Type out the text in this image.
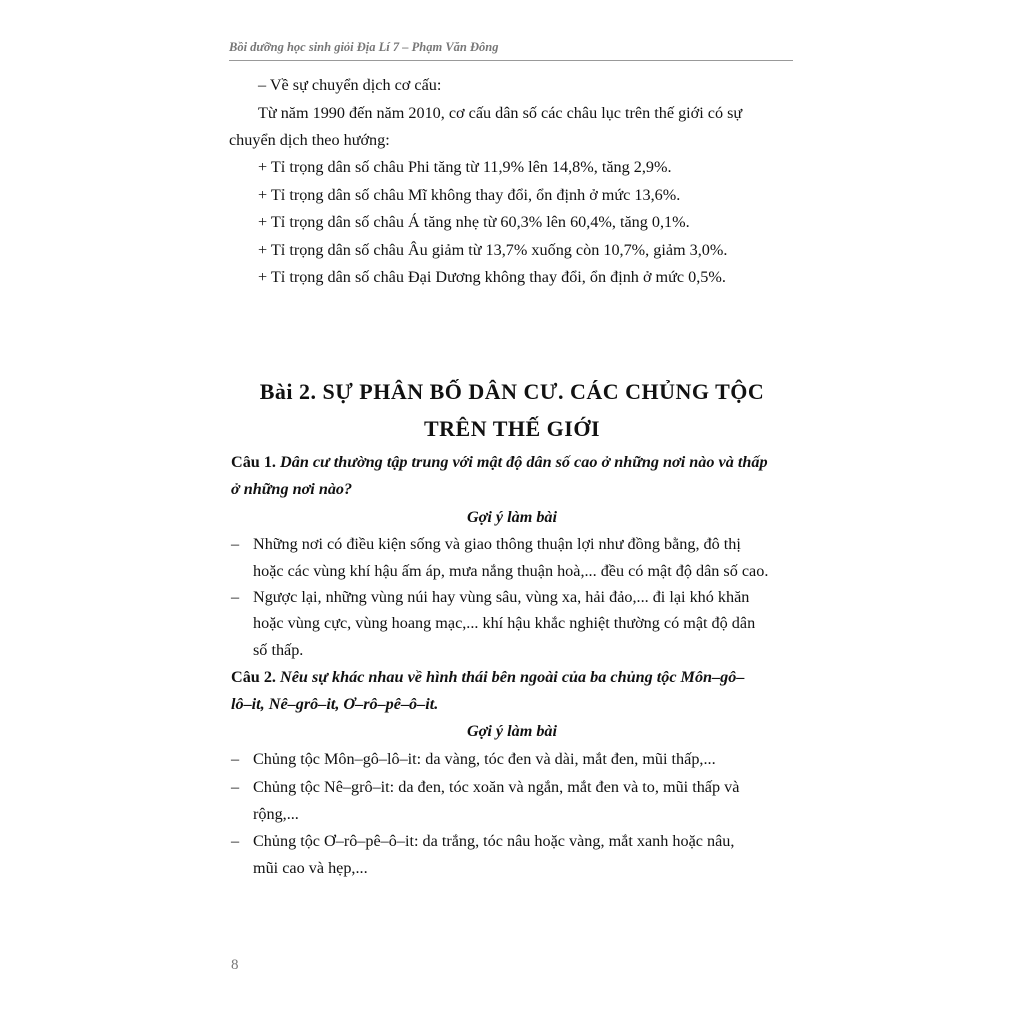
Bồi dưỡng học sinh giỏi Địa Lí 7 – Phạm Văn Đông
– Về sự chuyển dịch cơ cấu:
Từ năm 1990 đến năm 2010, cơ cấu dân số các châu lục trên thế giới có sự
chuyển dịch theo hướng:
+ Tỉ trọng dân số châu Phi tăng từ 11,9% lên 14,8%, tăng 2,9%.
+ Tỉ trọng dân số châu Mĩ không thay đổi, ổn định ở mức 13,6%.
+ Tỉ trọng dân số châu Á tăng nhẹ từ 60,3% lên 60,4%, tăng 0,1%.
+ Tỉ trọng dân số châu Âu giảm từ 13,7% xuống còn 10,7%, giảm 3,0%.
+ Tỉ trọng dân số châu Đại Dương không thay đổi, ổn định ở mức 0,5%.
Bài 2. SỰ PHÂN BỐ DÂN CƯ. CÁC CHỦNG TỘC
TRÊN THẾ GIỚI
Câu 1. Dân cư thường tập trung với mật độ dân số cao ở những nơi nào và thấp
ở những nơi nào?
Gợi ý làm bài
– Những nơi có điều kiện sống và giao thông thuận lợi như đồng bằng, đô thị
hoặc các vùng khí hậu ấm áp, mưa nắng thuận hoà,... đều có mật độ dân số cao.
– Ngược lại, những vùng núi hay vùng sâu, vùng xa, hải đảo,... đi lại khó khăn
hoặc vùng cực, vùng hoang mạc,... khí hậu khắc nghiệt thường có mật độ dân
số thấp.
Câu 2. Nêu sự khác nhau về hình thái bên ngoài của ba chủng tộc Môn–gô–
lô–it, Nê–grô–it, Ơ–rô–pê–ô–it.
Gợi ý làm bài
– Chủng tộc Môn–gô–lô–it: da vàng, tóc đen và dài, mắt đen, mũi thấp,...
– Chủng tộc Nê–grô–it: da đen, tóc xoăn và ngắn, mắt đen và to, mũi thấp và
rộng,...
– Chủng tộc Ơ–rô–pê–ô–it: da trắng, tóc nâu hoặc vàng, mắt xanh hoặc nâu,
mũi cao và hẹp,...
8
